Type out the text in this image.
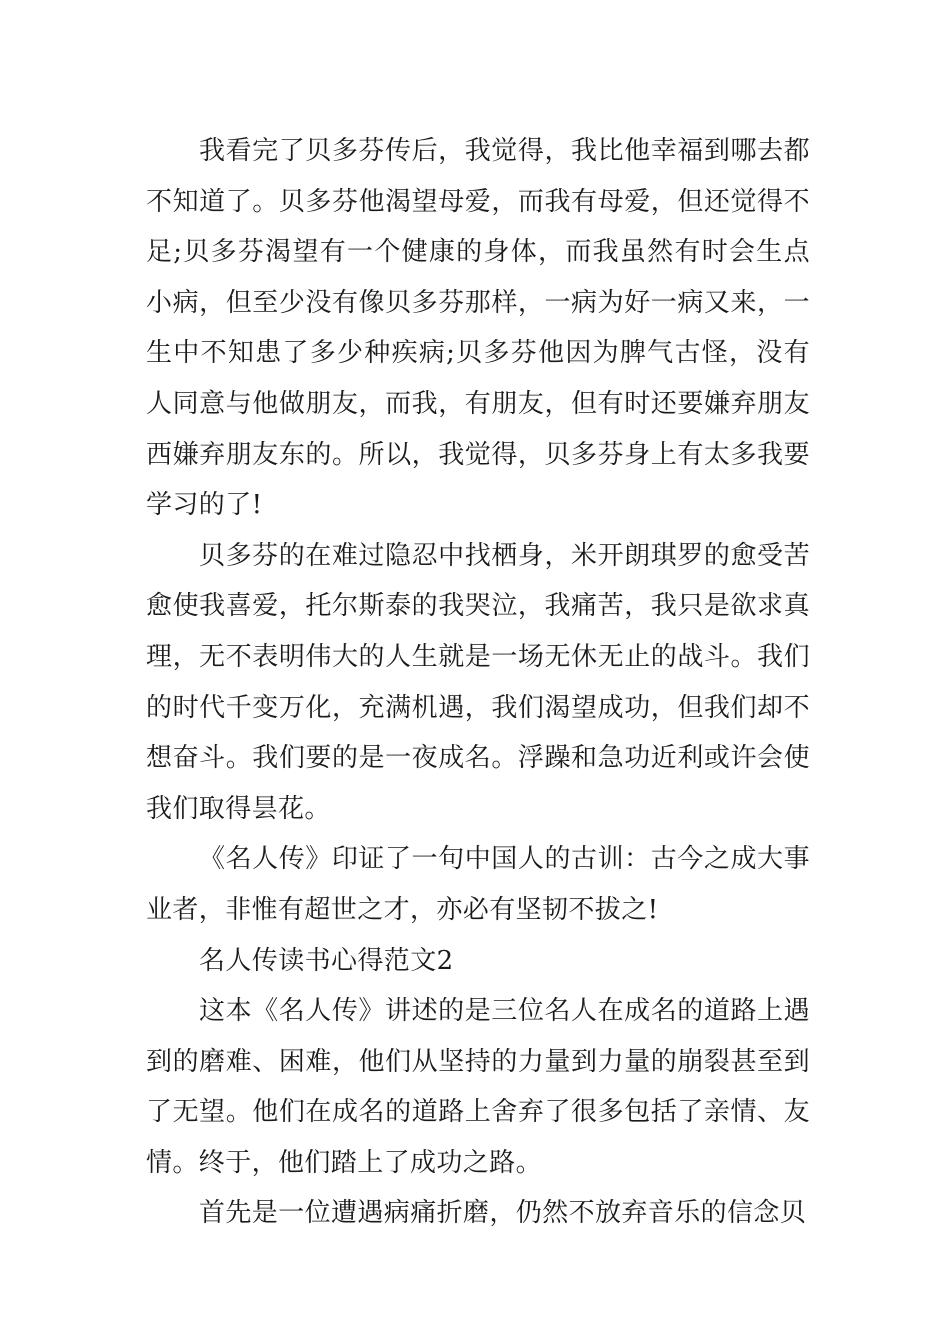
我看完了贝多芬传后，我觉得，我比他幸福到哪去都不知道了。贝多芬他渴望母爱，而我有母爱，但还觉得不足;贝多芬渴望有一个健康的身体，而我虽然有时会生点小病，但至少没有像贝多芬那样，一病为好一病又来，一生中不知患了多少种疾病;贝多芬他因为脾气古怪，没有人同意与他做朋友，而我，有朋友，但有时还要嫌弃朋友西嫌弃朋友东的。所以，我觉得，贝多芬身上有太多我要学习的了!

贝多芬的在难过隐忍中找栖身，米开朗琪罗的愈受苦愈使我喜爱，托尔斯泰的我哭泣，我痛苦，我只是欲求真理，无不表明伟大的人生就是一场无休无止的战斗。我们的时代千变万化，充满机遇，我们渴望成功，但我们却不想奋斗。我们要的是一夜成名。浮躁和急功近利或许会使我们取得昙花。

《名人传》印证了一句中国人的古训：古今之成大事业者，非惟有超世之才，亦必有坚韧不拔之!

名人传读书心得范文2

这本《名人传》讲述的是三位名人在成名的道路上遇到的磨难、困难，他们从坚持的力量到力量的崩裂甚至到了无望。他们在成名的道路上舍弃了很多包括了亲情、友情。终于，他们踏上了成功之路。

首先是一位遭遇病痛折磨，仍然不放弃音乐的信念贝
